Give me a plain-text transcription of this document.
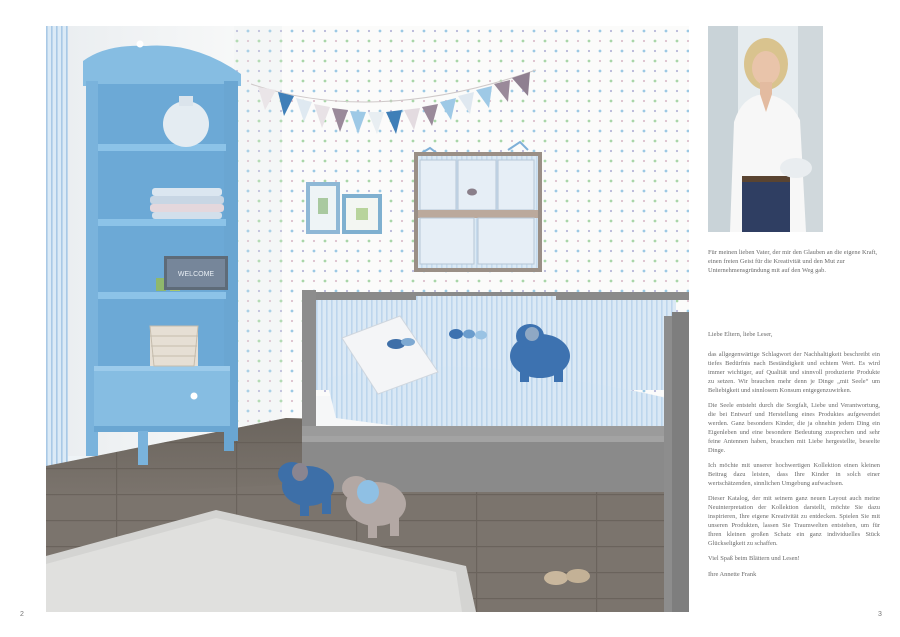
WELCOME
Für meinen lieben Vater, der mir den Glauben an die eigene Kraft, einen freien Geist für die Kreativität und den Mut zur Unternehmensgründung mit auf den Weg gab.

Liebe Eltern, liebe Leser,

das allgegenwärtige Schlagwort der Nachhaltigkeit beschreibt ein tiefes Bedürfnis nach Beständigkeit und echtem Wert. Es wird immer wichtiger, auf Qualität und sinnvoll produzierte Produkte zu setzen. Wir brauchen mehr denn je Dinge „mit Seele“ um Beliebigkeit und sinnlosem Konsum entgegenzuwirken.

Die Seele entsteht durch die Sorgfalt, Liebe und Verantwortung, die bei Entwurf und Herstellung eines Produktes aufgewendet werden. Ganz besonders Kinder, die ja ohnehin jedem Ding ein Eigenleben und eine besondere Bedeutung zusprechen und sehr feine Antennen haben, brauchen mit Liebe hergestellte, beseelte Dinge.

Ich möchte mit unserer hochwertigen Kollektion einen kleinen Beitrag dazu leisten, dass Ihre Kinder in solch einer wertschätzenden, sinnlichen Umgebung aufwachsen.

Dieser Katalog, der mit seinem ganz neuen Layout auch meine Neuinterpretation der Kollektion darstellt, möchte Sie dazu inspirieren, Ihre eigene Kreativität zu entdecken. Spielen Sie mit unseren Produkten, lassen Sie Traumwelten entstehen, um für Ihren kleinen großen Schatz ein ganz individuelles Stück Glückseligkeit zu schaffen.

Viel Spaß beim Blättern und Lesen!

Ihre Annette Frank

2	3
